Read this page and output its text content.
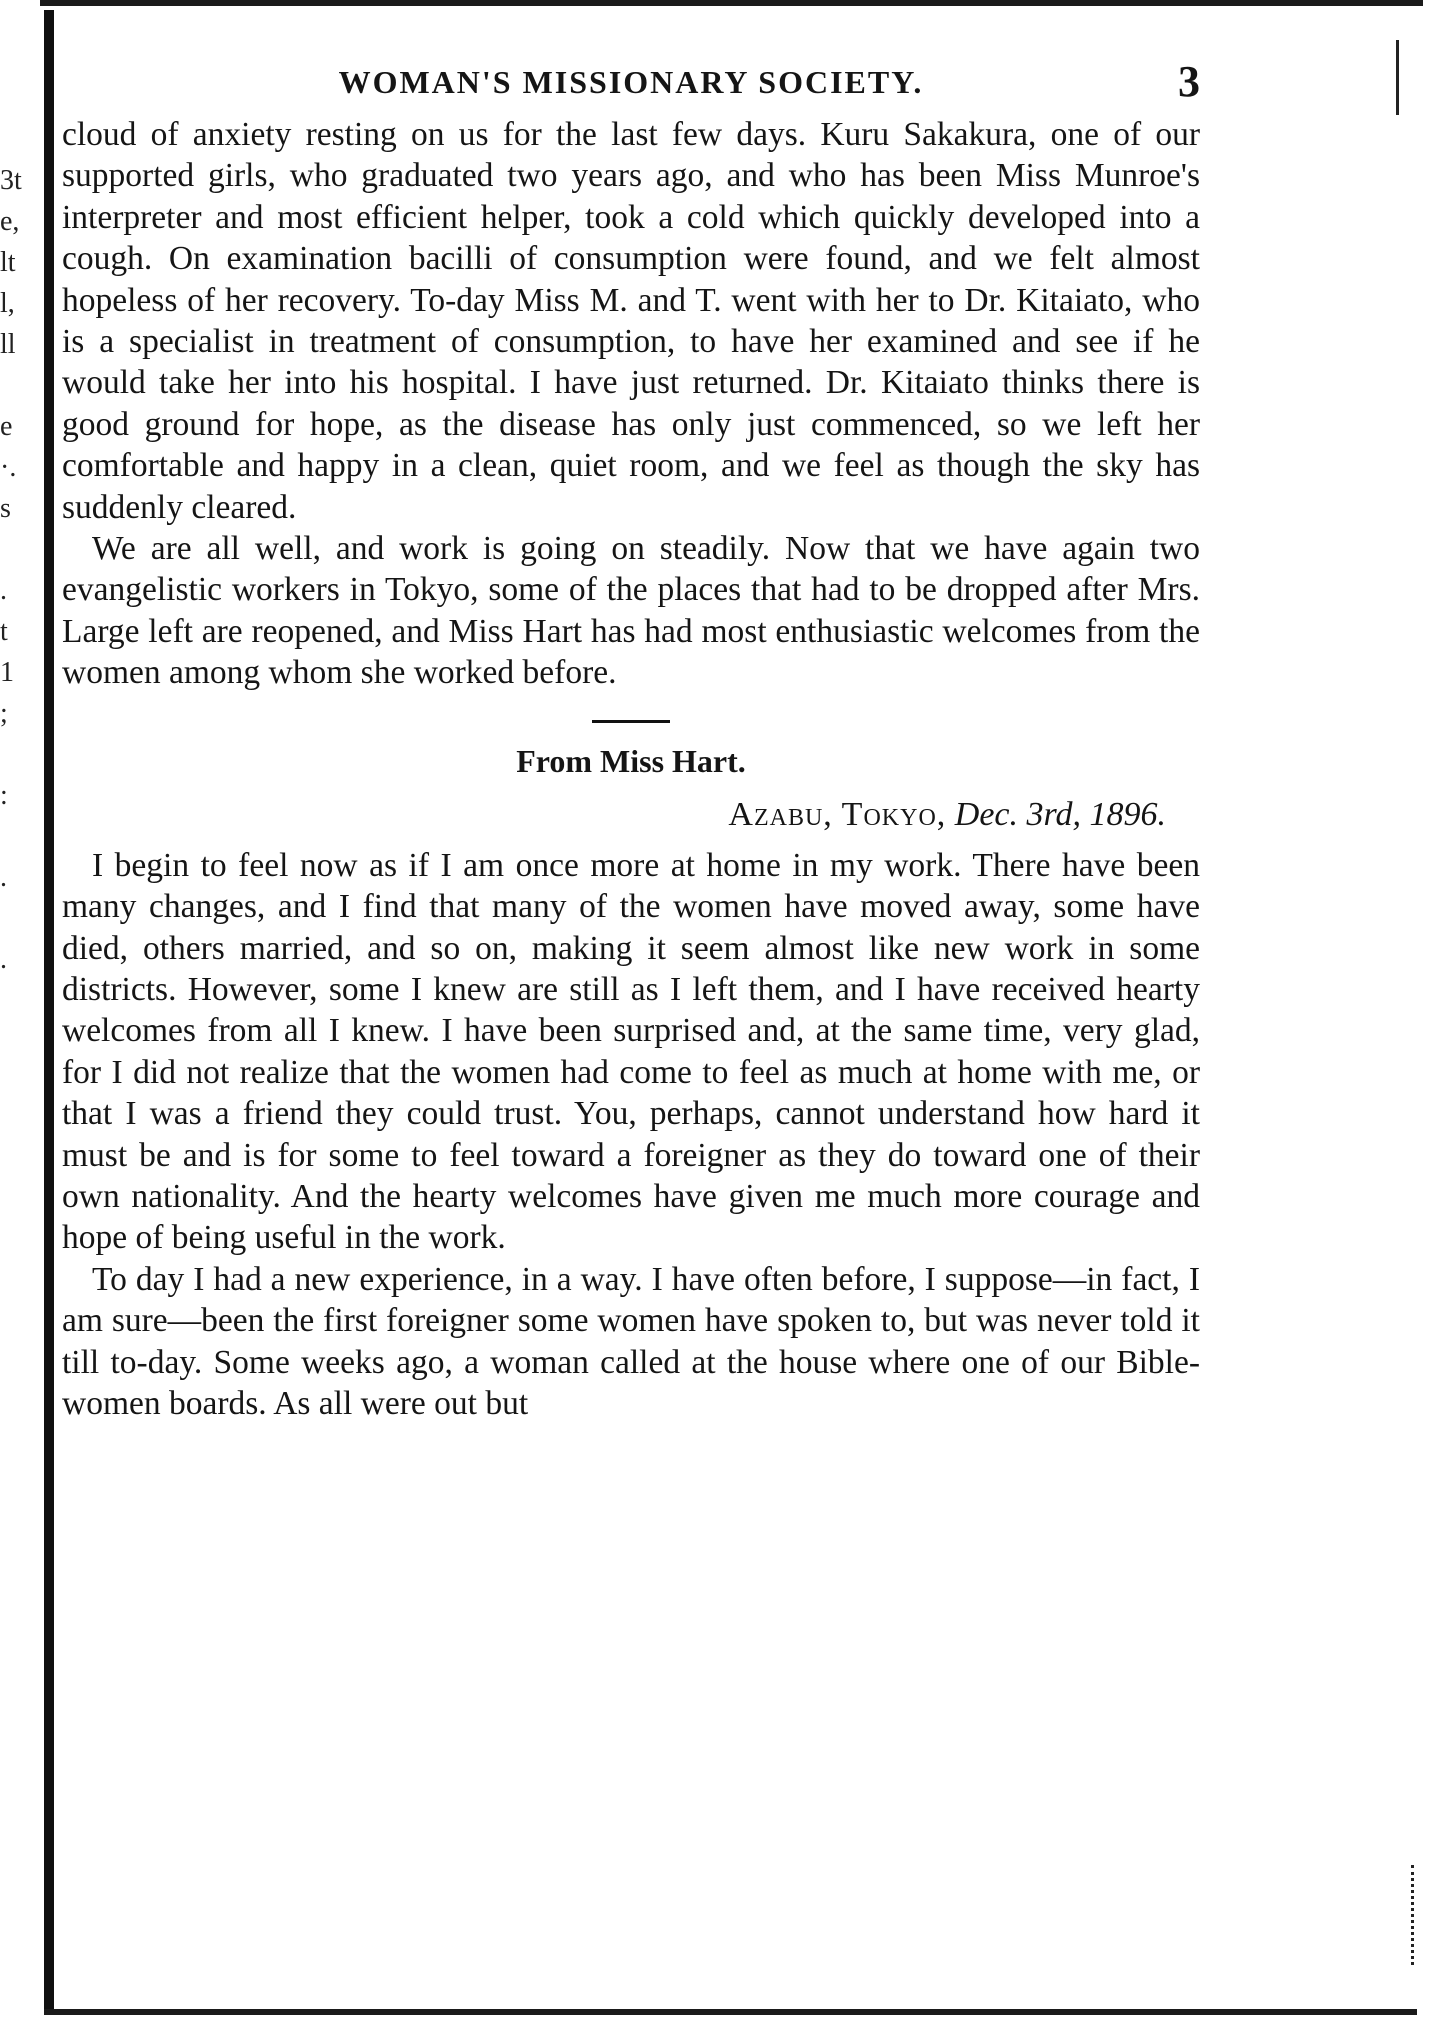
3t
e,
lt
l,
ll
e
·.
s
.
t
1
;
:
.
.
WOMAN'S MISSIONARY SOCIETY.	3

cloud of anxiety resting on us for the last few days. Kuru Sakakura, one of our supported girls, who graduated two years ago, and who has been Miss Munroe's interpreter and most efficient helper, took a cold which quickly developed into a cough. On examination bacilli of consumption were found, and we felt almost hopeless of her recovery. To-day Miss M. and T. went with her to Dr. Kitaiato, who is a specialist in treatment of consumption, to have her examined and see if he would take her into his hospital. I have just returned. Dr. Kitaiato thinks there is good ground for hope, as the disease has only just commenced, so we left her comfortable and happy in a clean, quiet room, and we feel as though the sky has suddenly cleared.

We are all well, and work is going on steadily. Now that we have again two evangelistic workers in Tokyo, some of the places that had to be dropped after Mrs. Large left are reopened, and Miss Hart has had most enthusiastic welcomes from the women among whom she worked before.

From Miss Hart.
Azabu, Tokyo, Dec. 3rd, 1896.

I begin to feel now as if I am once more at home in my work. There have been many changes, and I find that many of the women have moved away, some have died, others married, and so on, making it seem almost like new work in some districts. However, some I knew are still as I left them, and I have received hearty welcomes from all I knew. I have been surprised and, at the same time, very glad, for I did not realize that the women had come to feel as much at home with me, or that I was a friend they could trust. You, perhaps, cannot understand how hard it must be and is for some to feel toward a foreigner as they do toward one of their own nationality. And the hearty welcomes have given me much more courage and hope of being useful in the work.

To day I had a new experience, in a way. I have often before, I suppose—in fact, I am sure—been the first foreigner some women have spoken to, but was never told it till to-day. Some weeks ago, a woman called at the house where one of our Bible-women boards. As all were out but
